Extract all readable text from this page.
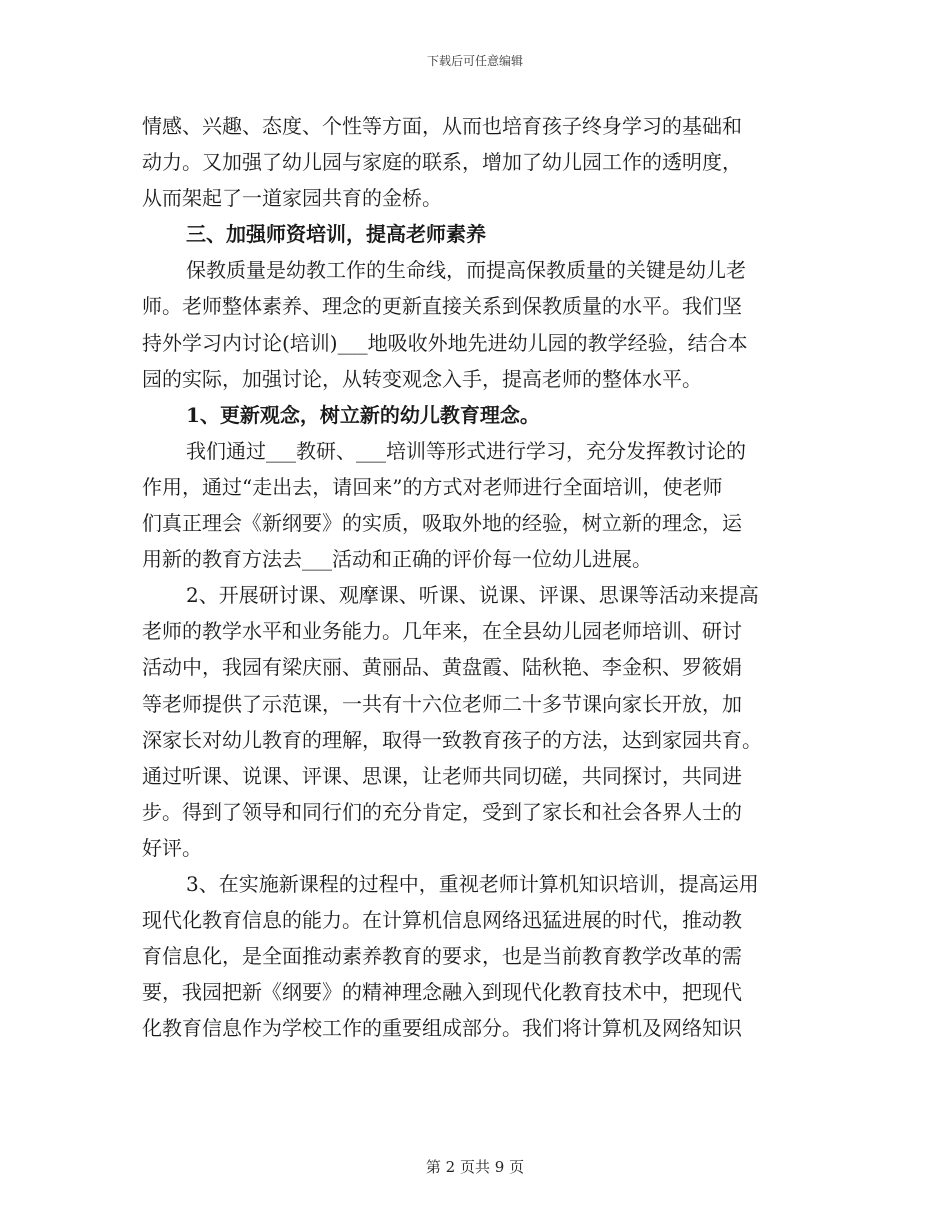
下载后可任意编辑
情感、兴趣、态度、个性等方面，从而也培育孩子终身学习的基础和
动力。又加强了幼儿园与家庭的联系，增加了幼儿园工作的透明度，
从而架起了一道家园共育的金桥。
三、加强师资培训，提高老师素养
保教质量是幼教工作的生命线，而提高保教质量的关键是幼儿老
师。老师整体素养、理念的更新直接关系到保教质量的水平。我们坚
持外学习内讨论(培训)___地吸收外地先进幼儿园的教学经验，结合本
园的实际，加强讨论，从转变观念入手，提高老师的整体水平。
1、更新观念，树立新的幼儿教育理念。
我们通过___教研、___培训等形式进行学习，充分发挥教讨论的
作用，通过“走出去，请回来”的方式对老师进行全面培训，使老师
们真正理会《新纲要》的实质，吸取外地的经验，树立新的理念，运
用新的教育方法去___活动和正确的评价每一位幼儿进展。
2、开展研讨课、观摩课、听课、说课、评课、思课等活动来提高
老师的教学水平和业务能力。几年来，在全县幼儿园老师培训、研讨
活动中，我园有梁庆丽、黄丽品、黄盘霞、陆秋艳、李金积、罗筱娟
等老师提供了示范课，一共有十六位老师二十多节课向家长开放，加
深家长对幼儿教育的理解，取得一致教育孩子的方法，达到家园共育。
通过听课、说课、评课、思课，让老师共同切磋，共同探讨，共同进
步。得到了领导和同行们的充分肯定，受到了家长和社会各界人士的
好评。
3、在实施新课程的过程中，重视老师计算机知识培训，提高运用
现代化教育信息的能力。在计算机信息网络迅猛进展的时代，推动教
育信息化，是全面推动素养教育的要求，也是当前教育教学改革的需
要，我园把新《纲要》的精神理念融入到现代化教育技术中，把现代
化教育信息作为学校工作的重要组成部分。我们将计算机及网络知识
第 2 页共 9 页
